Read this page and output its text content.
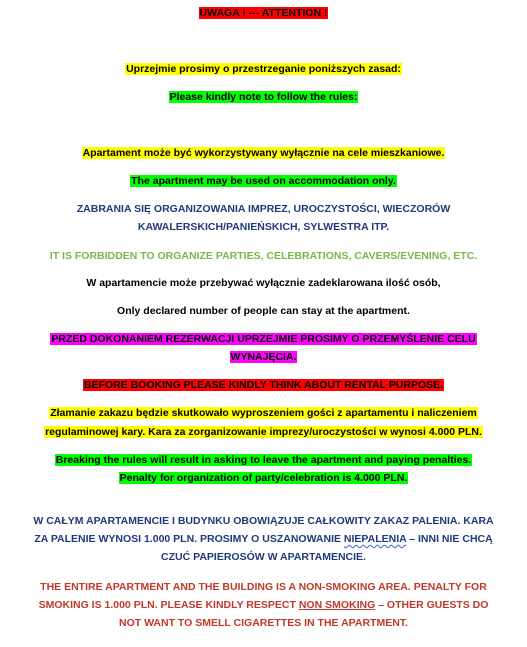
UWAGA ! --- ATTENTION !
Uprzejmie prosimy o przestrzeganie poniższych zasad:
Please kindly note to follow the rules:
Apartament może być wykorzystywany wyłącznie na cele mieszkaniowe.
The apartment may be used on accommodation only.
ZABRANIA SIĘ ORGANIZOWANIA IMPREZ, UROCZYSTOŚCI, WIECZORÓW
KAWALERSKICH/PANIEŃSKICH, SYLWESTRA ITP.
IT IS FORBIDDEN TO ORGANIZE PARTIES, CELEBRATIONS, CAVERS/EVENING, ETC.
W apartamencie może przebywać wyłącznie zadeklarowana ilość osób,
Only declared number of people can stay at the apartment.
PRZED DOKONANIEM REZERWACJI UPRZEJMIE PROSIMY O PRZEMYŚLENIE CELU
WYNAJĘCIA.
BEFORE BOOKING PLEASE KINDLY THINK ABOUT RENTAL PURPOSE.
Złamanie zakazu będzie skutkowało wyproszeniem gości z apartamentu i naliczeniem
regulaminowej kary. Kara za zorganizowanie imprezy/uroczystości w wynosi 4.000 PLN.
Breaking the rules will result in asking to leave the apartment and paying penalties.
Penalty for organization of party/celebration is 4.000 PLN.
W CAŁYM APARTAMENCIE I BUDYNKU OBOWIĄZUJE CAŁKOWITY ZAKAZ PALENIA. KARA
ZA PALENIE WYNOSI 1.000 PLN. PROSIMY O USZANOWANIE NIEPALENIA – INNI NIE CHCĄ
CZUĆ PAPIEROSÓW W APARTAMENCIE.
THE ENTIRE APARTMENT AND THE BUILDING IS A NON-SMOKING AREA. PENALTY FOR
SMOKING IS 1.000 PLN. PLEASE KINDLY RESPECT NON SMOKING – OTHER GUESTS DO
NOT WANT TO SMELL CIGARETTES IN THE APARTMENT.
